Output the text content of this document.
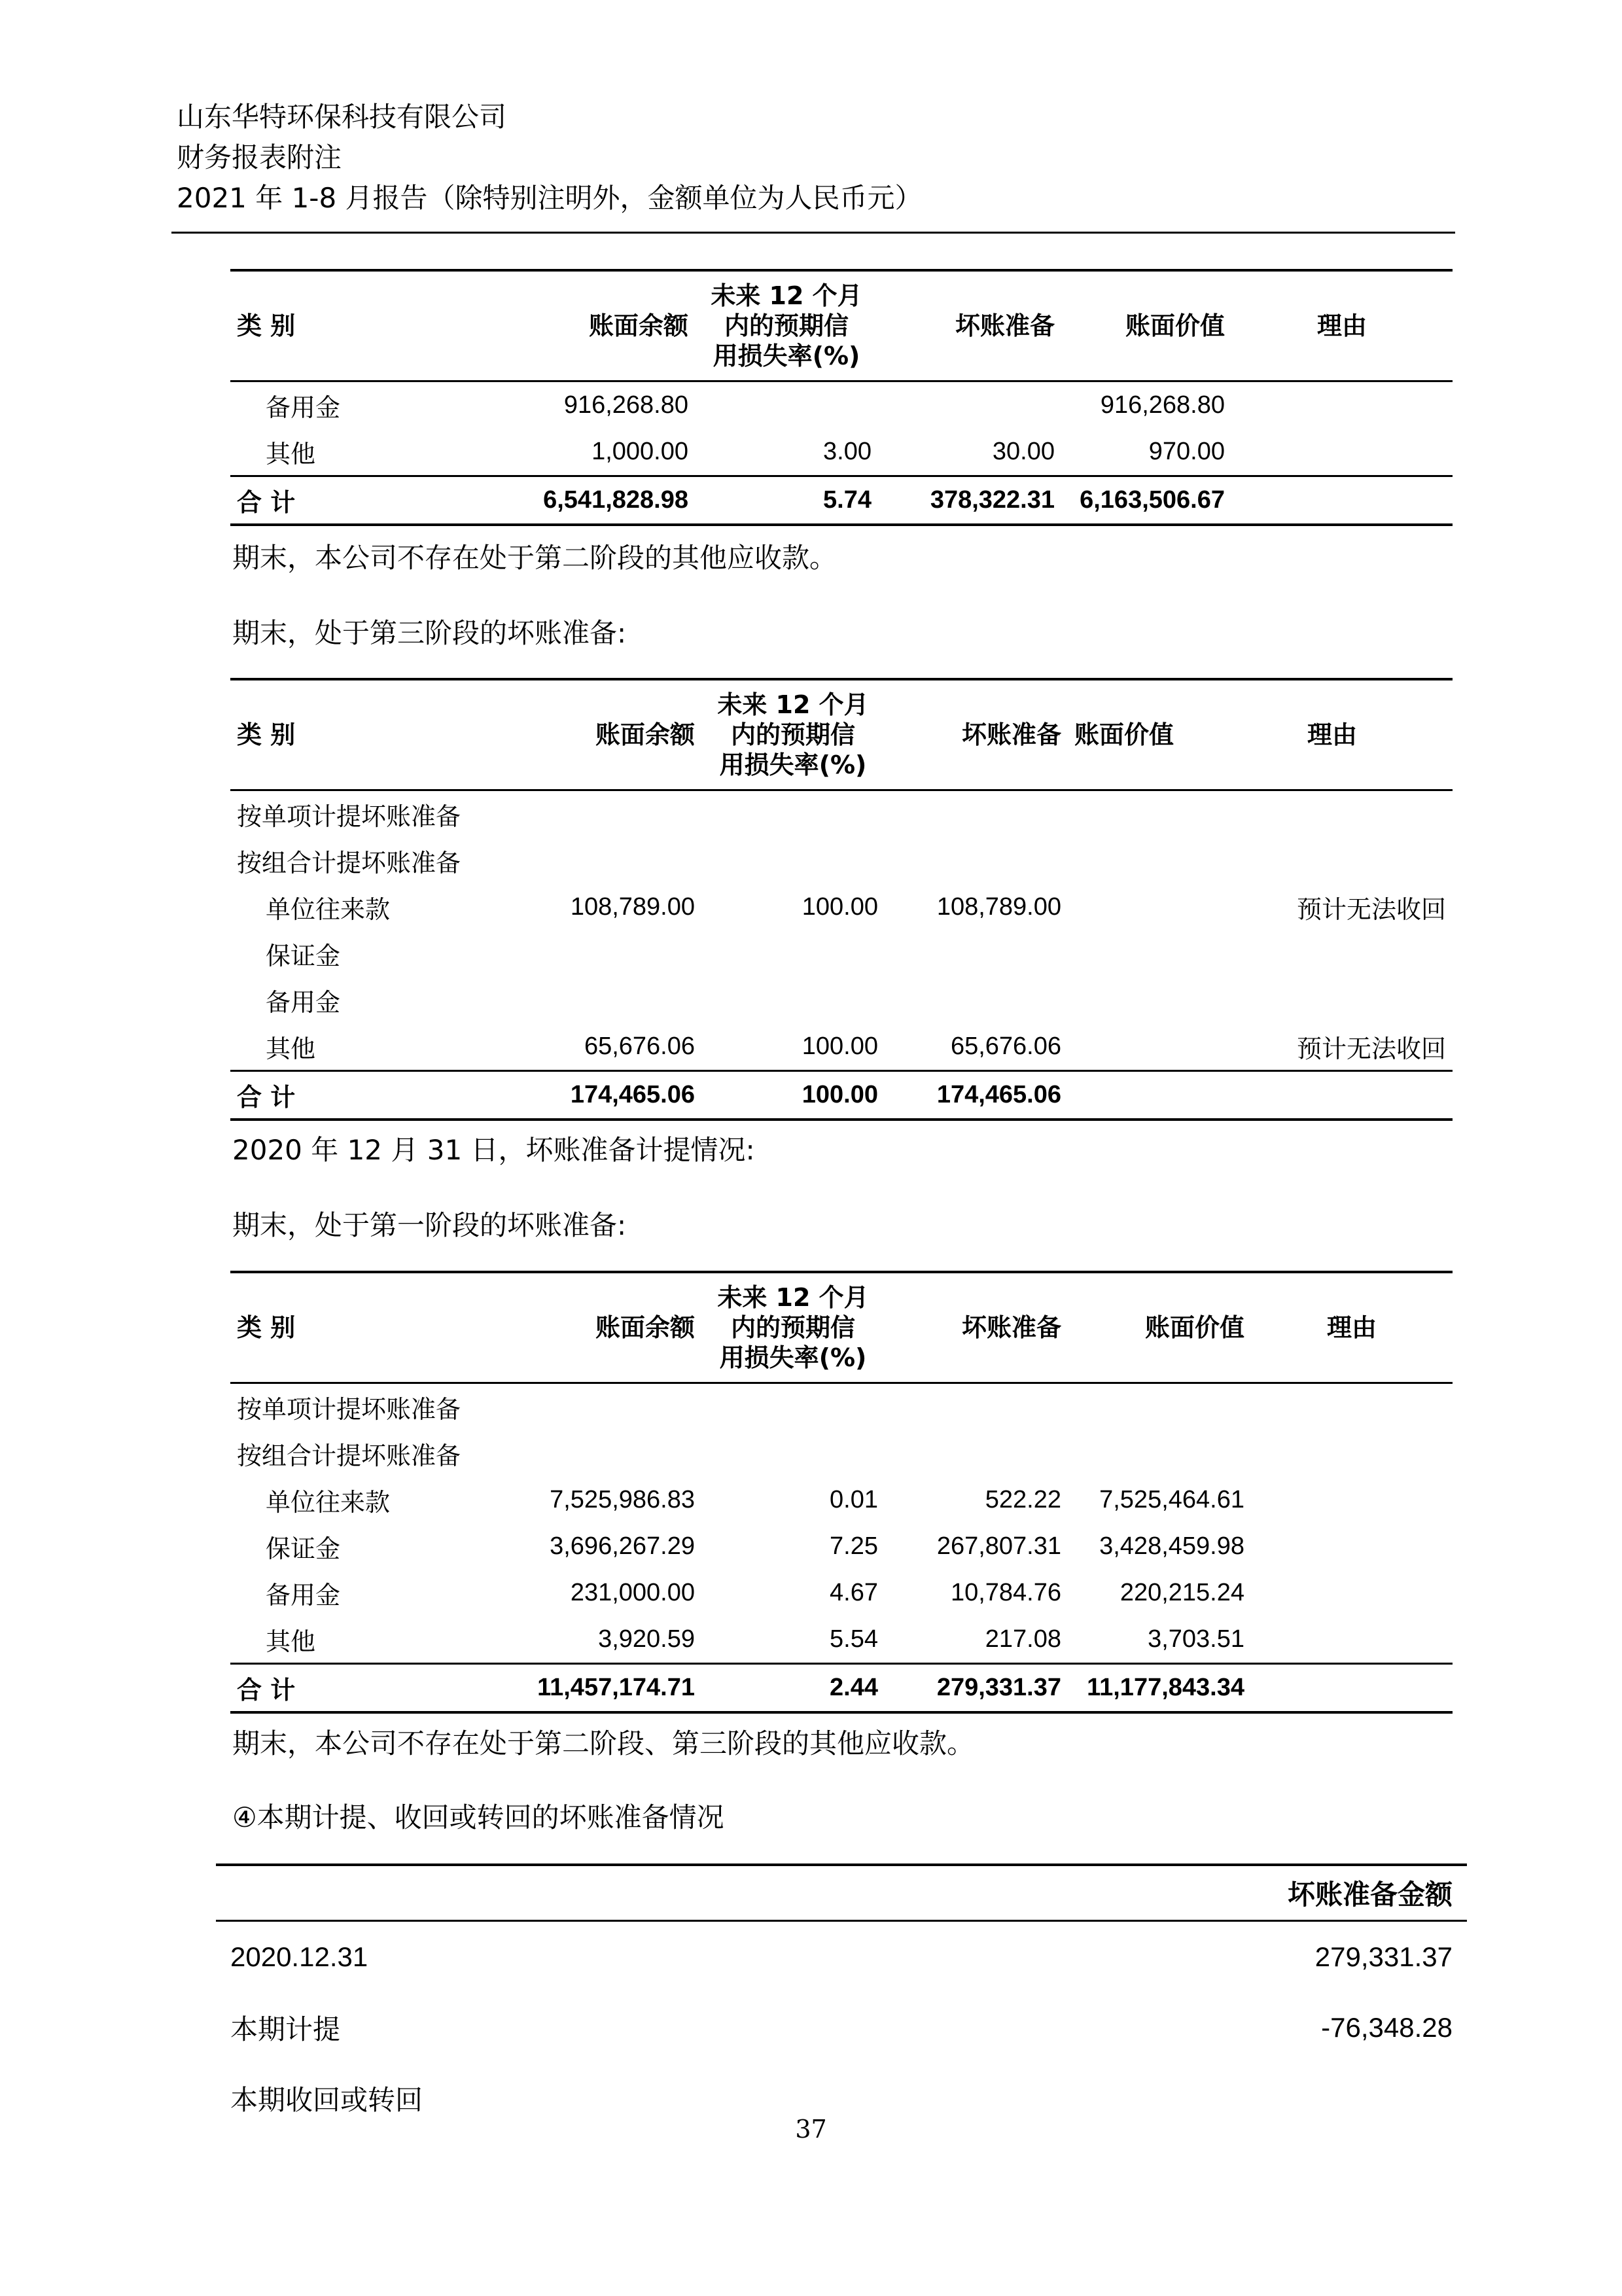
山东华特环保科技有限公司
财务报表附注
2021 年 1-8 月报告（除特别注明外，金额单位为人民币元）
类 别	账面余额	未来 12 个月
内的预期信
用损失率(%)	坏账准备	账面价值	理由
备用金	916,268.80			916,268.80	
其他	1,000.00	3.00	30.00	970.00	
合 计	6,541,828.98	5.74	378,322.31	6,163,506.67	
期末，本公司不存在处于第二阶段的其他应收款。
期末，处于第三阶段的坏账准备:
类 别	账面余额	未来 12 个月
内的预期信
用损失率(%)	坏账准备	账面价值	理由
按单项计提坏账准备					
按组合计提坏账准备					
单位往来款	108,789.00	100.00	108,789.00		预计无法收回
保证金					
备用金					
其他	65,676.06	100.00	65,676.06		预计无法收回
合 计	174,465.06	100.00	174,465.06		
2020 年 12 月 31 日，坏账准备计提情况:
期末，处于第一阶段的坏账准备:
类 别	账面余额	未来 12 个月
内的预期信
用损失率(%)	坏账准备	账面价值	理由
按单项计提坏账准备					
按组合计提坏账准备					
单位往来款	7,525,986.83	0.01	522.22	7,525,464.61	
保证金	3,696,267.29	7.25	267,807.31	3,428,459.98	
备用金	231,000.00	4.67	10,784.76	220,215.24	
其他	3,920.59	5.54	217.08	3,703.51	
合 计	11,457,174.71	2.44	279,331.37	11,177,843.34	
期末，本公司不存在处于第二阶段、第三阶段的其他应收款。
④本期计提、收回或转回的坏账准备情况
	坏账准备金额
2020.12.31	279,331.37
本期计提	-76,348.28
本期收回或转回	
37
